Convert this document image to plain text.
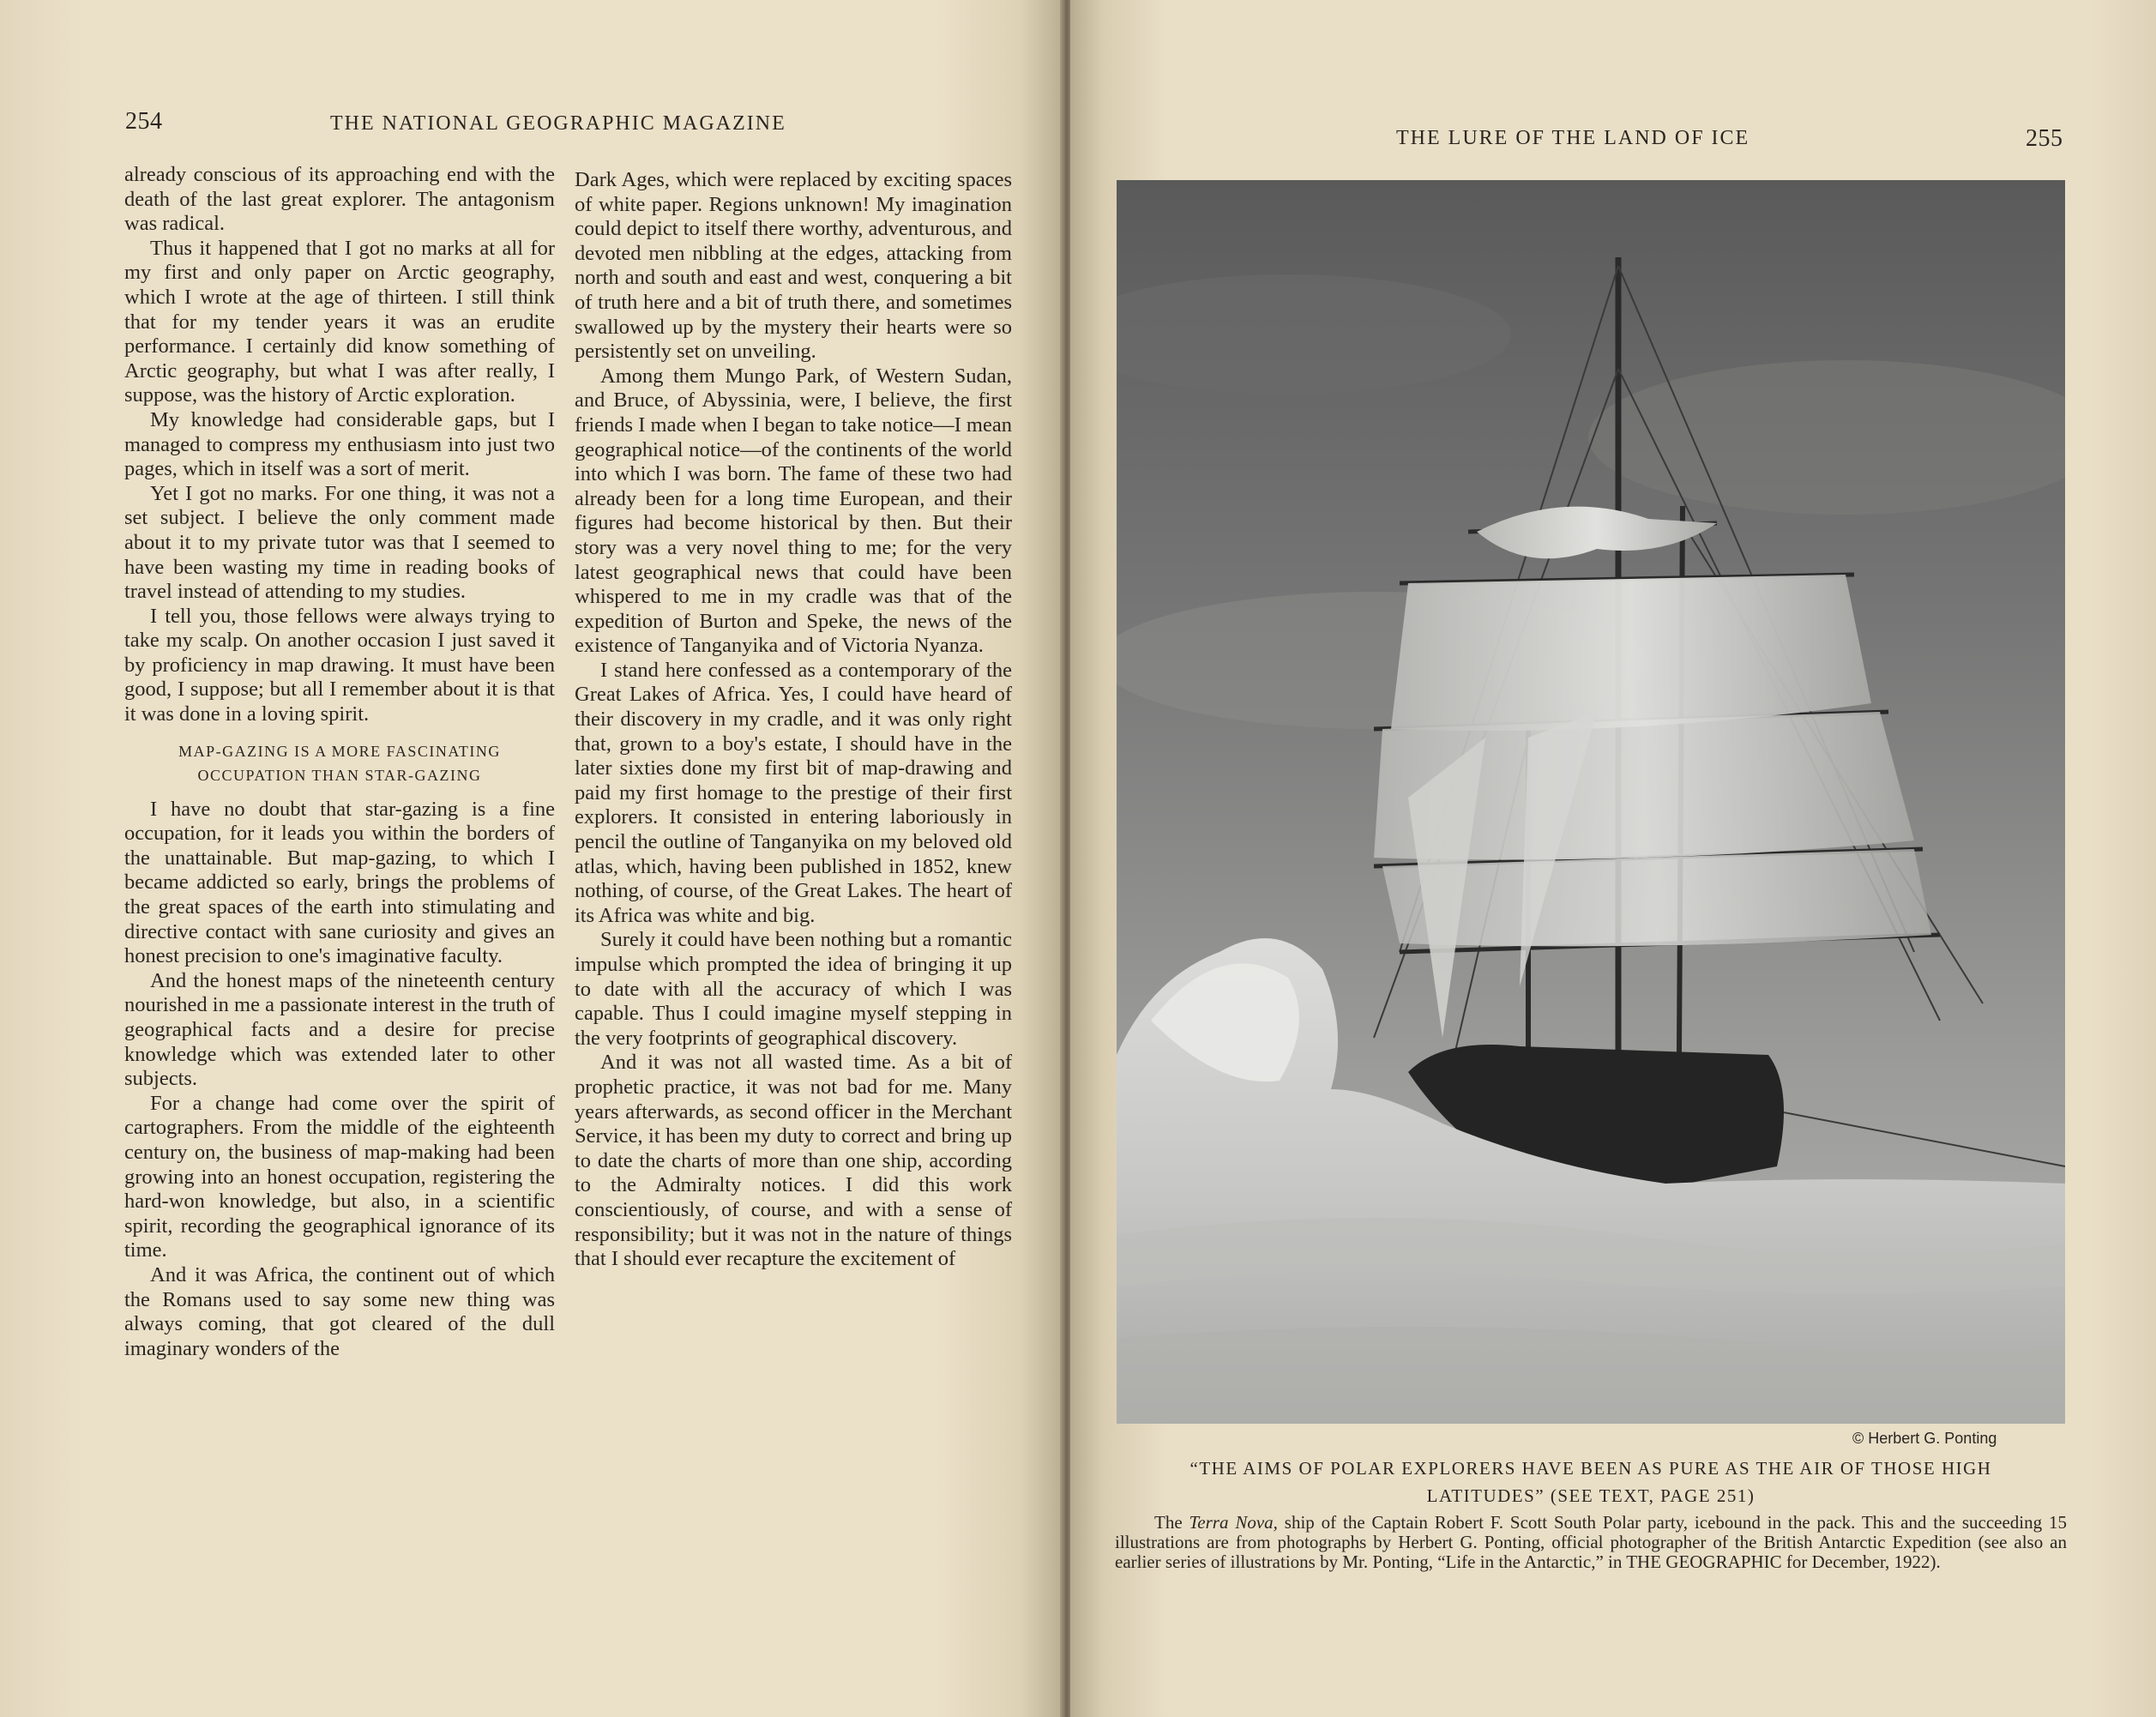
254	THE NATIONAL GEOGRAPHIC MAGAZINE

already conscious of its approaching end with the death of the last great explorer. The antagonism was radical.

Thus it happened that I got no marks at all for my first and only paper on Arctic geography, which I wrote at the age of thirteen. I still think that for my tender years it was an erudite performance. I certainly did know something of Arctic geography, but what I was after really, I suppose, was the history of Arctic exploration.

My knowledge had considerable gaps, but I managed to compress my enthusiasm into just two pages, which in itself was a sort of merit.

Yet I got no marks. For one thing, it was not a set subject. I believe the only comment made about it to my private tutor was that I seemed to have been wasting my time in reading books of travel instead of attending to my studies.

I tell you, those fellows were always trying to take my scalp. On another occasion I just saved it by proficiency in map drawing. It must have been good, I suppose; but all I remember about it is that it was done in a loving spirit.

MAP-GAZING IS A MORE FASCINATING
OCCUPATION THAN STAR-GAZING

I have no doubt that star-gazing is a fine occupation, for it leads you within the borders of the unattainable. But map-gazing, to which I became addicted so early, brings the problems of the great spaces of the earth into stimulating and directive contact with sane curiosity and gives an honest precision to one's imaginative faculty.

And the honest maps of the nineteenth century nourished in me a passionate interest in the truth of geographical facts and a desire for precise knowledge which was extended later to other subjects.

For a change had come over the spirit of cartographers. From the middle of the eighteenth century on, the business of map-making had been growing into an honest occupation, registering the hard-won knowledge, but also, in a scientific spirit, recording the geographical ignorance of its time.

And it was Africa, the continent out of which the Romans used to say some new thing was always coming, that got cleared of the dull imaginary wonders of the

Dark Ages, which were replaced by exciting spaces of white paper. Regions unknown! My imagination could depict to itself there worthy, adventurous, and devoted men nibbling at the edges, attacking from north and south and east and west, conquering a bit of truth here and a bit of truth there, and sometimes swallowed up by the mystery their hearts were so persistently set on unveiling.

Among them Mungo Park, of Western Sudan, and Bruce, of Abyssinia, were, I believe, the first friends I made when I began to take notice—I mean geographical notice—of the continents of the world into which I was born. The fame of these two had already been for a long time European, and their figures had become historical by then. But their story was a very novel thing to me; for the very latest geographical news that could have been whispered to me in my cradle was that of the expedition of Burton and Speke, the news of the existence of Tanganyika and of Victoria Nyanza.

I stand here confessed as a contemporary of the Great Lakes of Africa. Yes, I could have heard of their discovery in my cradle, and it was only right that, grown to a boy's estate, I should have in the later sixties done my first bit of map-drawing and paid my first homage to the prestige of their first explorers. It consisted in entering laboriously in pencil the outline of Tanganyika on my beloved old atlas, which, having been published in 1852, knew nothing, of course, of the Great Lakes. The heart of its Africa was white and big.

Surely it could have been nothing but a romantic impulse which prompted the idea of bringing it up to date with all the accuracy of which I was capable. Thus I could imagine myself stepping in the very footprints of geographical discovery.

And it was not all wasted time. As a bit of prophetic practice, it was not bad for me. Many years afterwards, as second officer in the Merchant Service, it has been my duty to correct and bring up to date the charts of more than one ship, according to the Admiralty notices. I did this work conscientiously, of course, and with a sense of responsibility; but it was not in the nature of things that I should ever recapture the excitement of

THE LURE OF THE LAND OF ICE	255
© Herbert G. Ponting
“THE AIMS OF POLAR EXPLORERS HAVE BEEN AS PURE AS THE AIR OF THOSE HIGH
LATITUDES” (SEE TEXT, PAGE 251)

The Terra Nova, ship of the Captain Robert F. Scott South Polar party, icebound in the pack. This and the succeeding 15 illustrations are from photographs by Herbert G. Ponting, official photographer of the British Antarctic Expedition (see also an earlier series of illustrations by Mr. Ponting, “Life in the Antarctic,” in THE GEOGRAPHIC for December, 1922).
